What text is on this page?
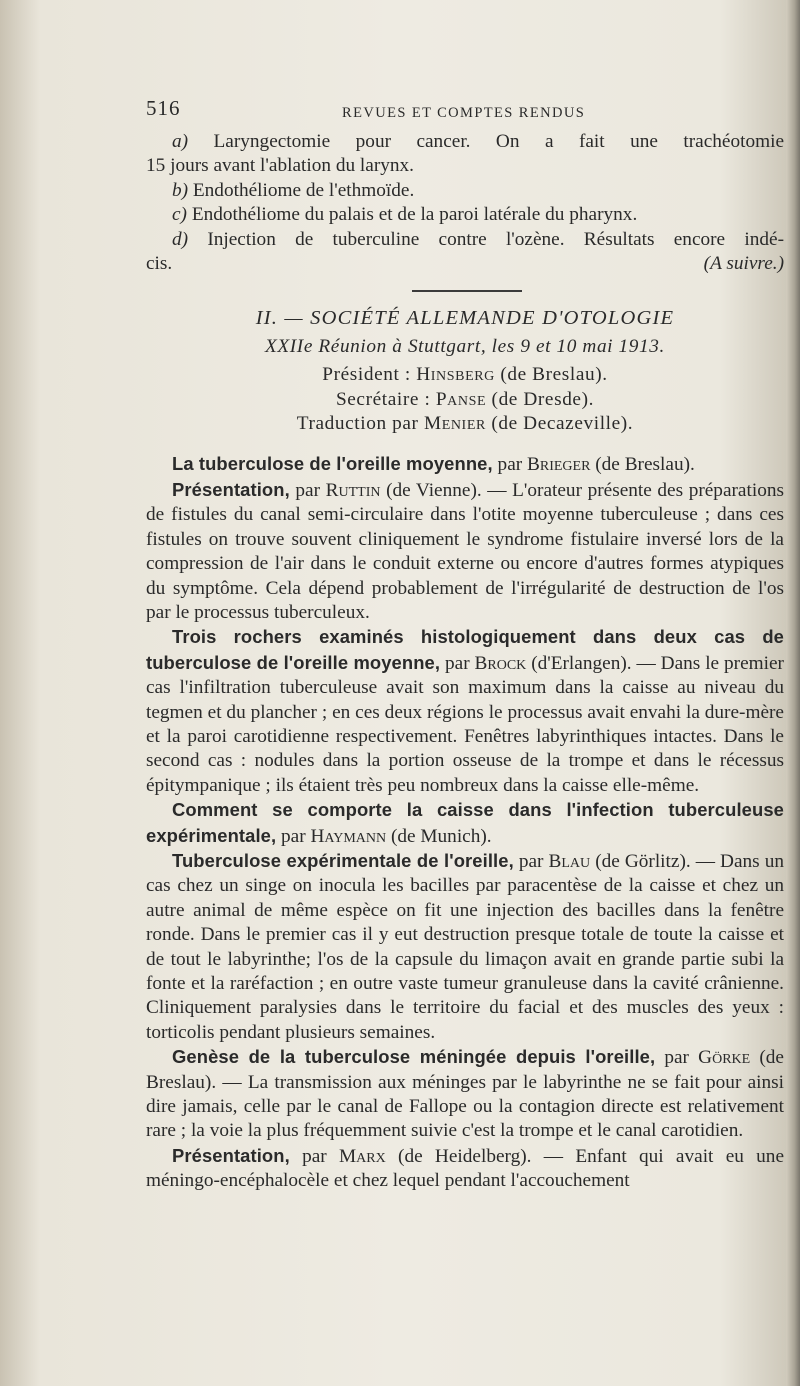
516	REVUES ET COMPTES RENDUS

a) Laryngectomie pour cancer. On a fait une trachéotomie

15 jours avant l'ablation du larynx.

b) Endothéliome de l'ethmoïde.

c) Endothéliome du palais et de la paroi latérale du pharynx.

d) Injection de tuberculine contre l'ozène. Résultats encore indé-

cis.	(A suivre.)

II. — SOCIÉTÉ ALLEMANDE D'OTOLOGIE

XXIIe Réunion à Stuttgart, les 9 et 10 mai 1913.

Président : Hinsberg (de Breslau).

Secrétaire : Panse (de Dresde).

Traduction par Menier (de Decazeville).

La tuberculose de l'oreille moyenne, par Brieger (de Breslau).

Présentation, par Ruttin (de Vienne). — L'orateur présente des préparations de fistules du canal semi-circulaire dans l'otite moyenne tuberculeuse ; dans ces fistules on trouve souvent cliniquement le syndrome fistulaire inversé lors de la compression de l'air dans le conduit externe ou encore d'autres formes atypiques du symptôme. Cela dépend probablement de l'irrégularité de destruction de l'os par le processus tuberculeux.

Trois rochers examinés histologiquement dans deux cas de tuberculose de l'oreille moyenne, par Brock (d'Erlangen). — Dans le premier cas l'infiltration tuberculeuse avait son maximum dans la caisse au niveau du tegmen et du plancher ; en ces deux régions le processus avait envahi la dure-mère et la paroi carotidienne respectivement. Fenêtres labyrinthiques intactes. Dans le second cas : nodules dans la portion osseuse de la trompe et dans le récessus épitympanique ; ils étaient très peu nombreux dans la caisse elle-même.

Comment se comporte la caisse dans l'infection tuberculeuse expérimentale, par Haymann (de Munich).

Tuberculose expérimentale de l'oreille, par Blau (de Görlitz). — Dans un cas chez un singe on inocula les bacilles par paracentèse de la caisse et chez un autre animal de même espèce on fit une injection des bacilles dans la fenêtre ronde. Dans le premier cas il y eut destruction presque totale de toute la caisse et de tout le labyrinthe; l'os de la capsule du limaçon avait en grande partie subi la fonte et la raréfaction ; en outre vaste tumeur granuleuse dans la cavité crânienne. Cliniquement paralysies dans le territoire du facial et des muscles des yeux : torticolis pendant plusieurs semaines.

Genèse de la tuberculose méningée depuis l'oreille, par Görke (de Breslau). — La transmission aux méninges par le labyrinthe ne se fait pour ainsi dire jamais, celle par le canal de Fallope ou la contagion directe est relativement rare ; la voie la plus fréquemment suivie c'est la trompe et le canal carotidien.

Présentation, par Marx (de Heidelberg). — Enfant qui avait eu une méningo-encéphalocèle et chez lequel pendant l'accouchement
